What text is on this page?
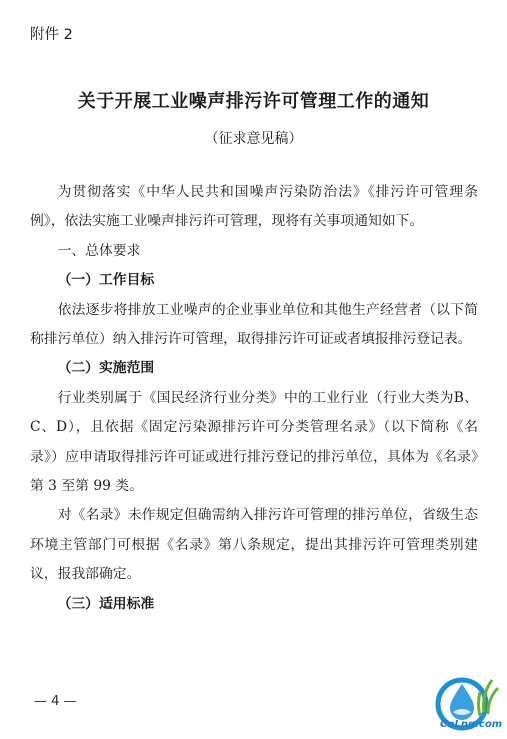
附件 2
关于开展工业噪声排污许可管理工作的通知
（征求意见稿）

为贯彻落实《中华人民共和国噪声污染防治法》《排污许可管理条例》，依法实施工业噪声排污许可管理，现将有关事项通知如下。

一、总体要求

（一）工作目标

依法逐步将排放工业噪声的企业事业单位和其他生产经营者（以下简称排污单位）纳入排污许可管理，取得排污许可证或者填报排污登记表。

（二）实施范围

行业类别属于《国民经济行业分类》中的工业行业（行业大类为B、C、D），且依据《固定污染源排污许可分类管理名录》（以下简称《名录》）应申请取得排污许可证或进行排污登记的排污单位，具体为《名录》第 3 至第 99 类。

对《名录》未作规定但确需纳入排污许可管理的排污单位，省级生态环境主管部门可根据《名录》第八条规定，提出其排污许可管理类别建议，报我部确定。

（三）适用标准

— 4 —
CnLng.com
